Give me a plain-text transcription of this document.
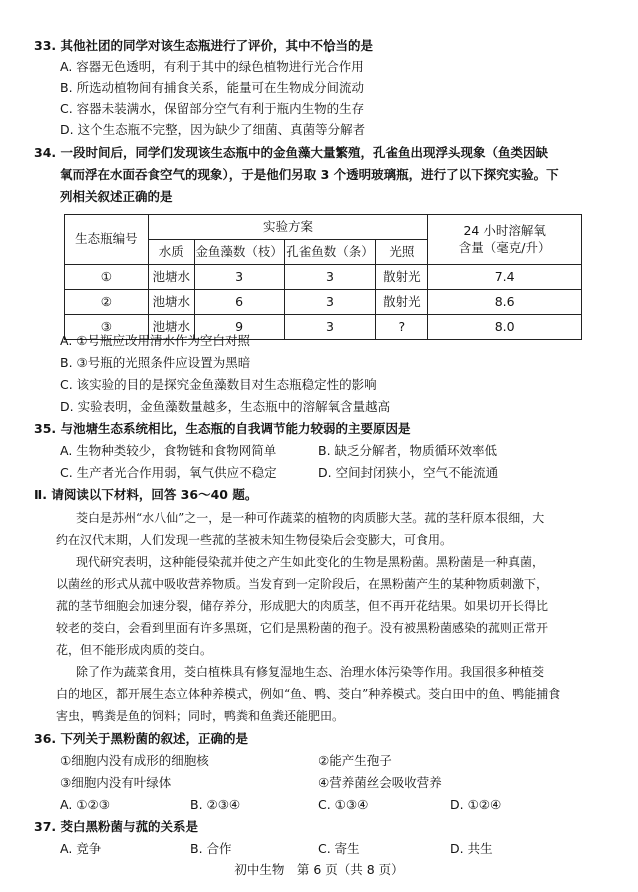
33. 其他社团的同学对该生态瓶进行了评价，其中不恰当的是
A. 容器无色透明，有利于其中的绿色植物进行光合作用
B. 所选动植物间有捕食关系，能量可在生物成分间流动
C. 容器未装满水，保留部分空气有利于瓶内生物的生存
D. 这个生态瓶不完整，因为缺少了细菌、真菌等分解者
34. 一段时间后，同学们发现该生态瓶中的金鱼藻大量繁殖，孔雀鱼出现浮头现象（鱼类因缺
氧而浮在水面吞食空气的现象），于是他们另取 3 个透明玻璃瓶，进行了以下探究实验。下
列相关叙述正确的是
生态瓶编号	实验方案				24 小时溶解氧
含量（毫克/升）

	水质	金鱼藻数（枝）	孔雀鱼数（条）	光照	
①	池塘水	3	3	散射光	7.4
②	池塘水	6	3	散射光	8.6
③	池塘水	9	3	?	8.0
A. ①号瓶应改用清水作为空白对照
B. ③号瓶的光照条件应设置为黑暗
C. 该实验的目的是探究金鱼藻数目对生态瓶稳定性的影响
D. 实验表明，金鱼藻数量越多，生态瓶中的溶解氧含量越高
35. 与池塘生态系统相比，生态瓶的自我调节能力较弱的主要原因是
A. 生物种类较少，食物链和食物网简单	B. 缺乏分解者，物质循环效率低
C. 生产者光合作用弱，氧气供应不稳定	D. 空间封闭狭小，空气不能流通
Ⅱ. 请阅读以下材料，回答 36～40 题。
茭白是苏州“水八仙”之一，是一种可作蔬菜的植物的肉质膨大茎。菰的茎秆原本很细，大
约在汉代末期，人们发现一些菰的茎被未知生物侵染后会变膨大，可食用。
现代研究表明，这种能侵染菰并使之产生如此变化的生物是黑粉菌。黑粉菌是一种真菌，
以菌丝的形式从菰中吸收营养物质。当发育到一定阶段后，在黑粉菌产生的某种物质刺激下，
菰的茎节细胞会加速分裂，储存养分，形成肥大的肉质茎，但不再开花结果。如果切开长得比
较老的茭白，会看到里面有许多黑斑，它们是黑粉菌的孢子。没有被黑粉菌感染的菰则正常开
花，但不能形成肉质的茭白。
除了作为蔬菜食用，茭白植株具有修复湿地生态、治理水体污染等作用。我国很多种植茭
白的地区，都开展生态立体种养模式，例如“鱼、鸭、茭白”种养模式。茭白田中的鱼、鸭能捕食
害虫，鸭粪是鱼的饲料；同时，鸭粪和鱼粪还能肥田。
36. 下列关于黑粉菌的叙述，正确的是
①细胞内没有成形的细胞核	②能产生孢子
③细胞内没有叶绿体	④营养菌丝会吸收营养
A. ①②③	B. ②③④	C. ①③④	D. ①②④
37. 茭白黑粉菌与菰的关系是
A. 竞争	B. 合作	C. 寄生	D. 共生
初中生物　第 6 页（共 8 页）
